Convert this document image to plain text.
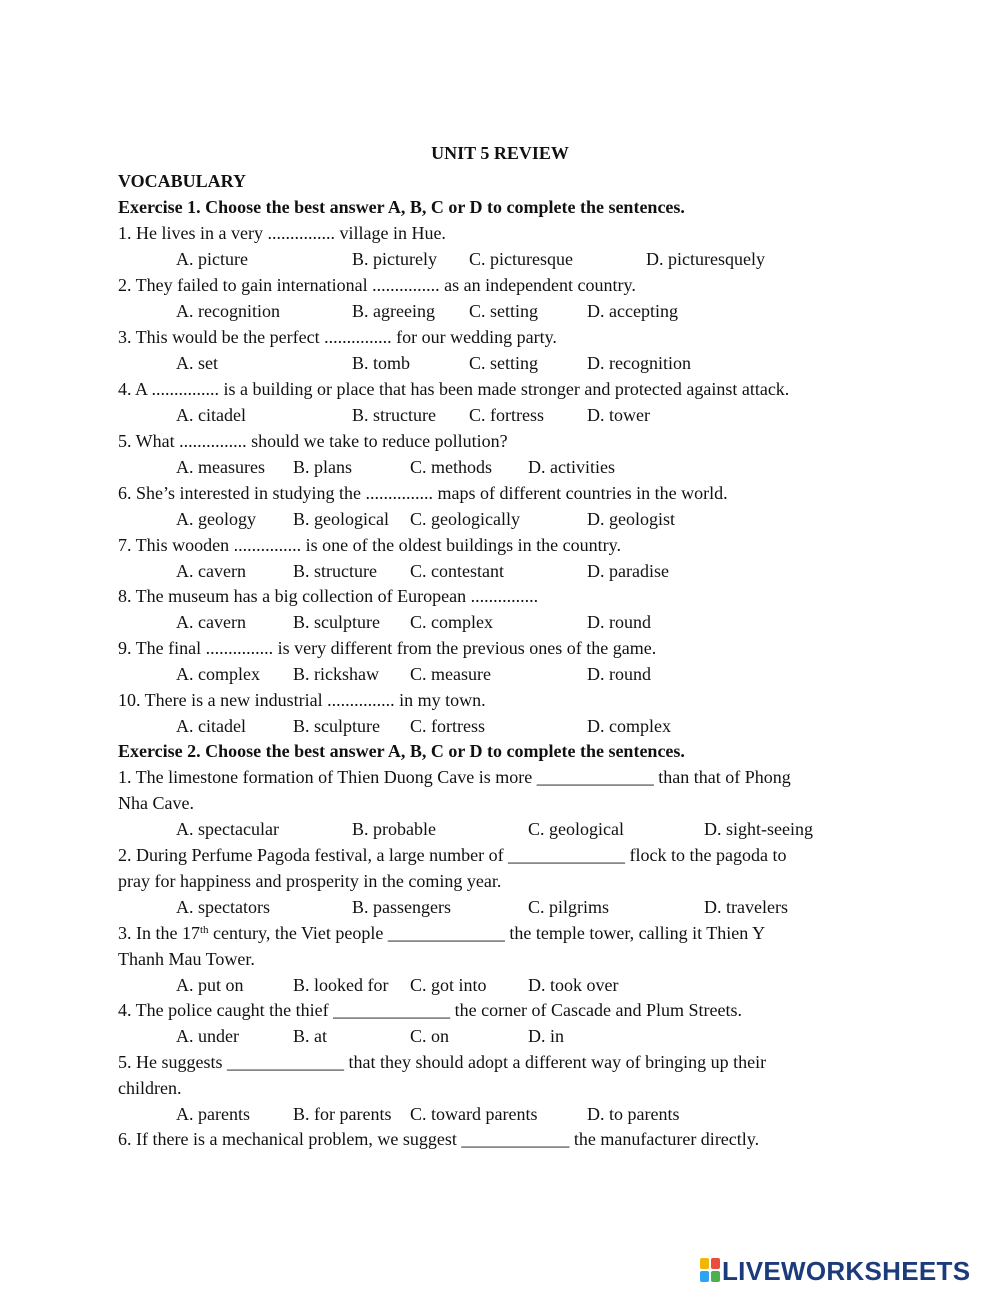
UNIT 5 REVIEW
VOCABULARY
Exercise 1. Choose the best answer A, B, C or D to complete the sentences.
1. He lives in a very ............... village in Hue.
A. picture	B. picturely C. picturesque	D. picturesquely
2. They failed to gain international ............... as an independent country.
A. recognition	B. agreeing C. setting	D. accepting
3. This would be the perfect ............... for our wedding party.
A. set	B. tomb	C. setting	D. recognition
4. A ............... is a building or place that has been made stronger and protected against attack.
A. citadel	B. structure C. fortress D. tower
5. What ............... should we take to reduce pollution?
A. measures B. plans	C. methods D. activities
6. She’s interested in studying the ............... maps of different countries in the world.
A. geology B. geological C. geologically	D. geologist
7. This wooden ............... is one of the oldest buildings in the country.
A. cavern	B. structure C. contestant	D. paradise
8. The museum has a big collection of European ...............
A. cavern	B. sculpture C. complex	D. round
9. The final ............... is very different from the previous ones of the game.
A. complex B. rickshaw C. measure	D. round
10. There is a new industrial ............... in my town.
A. citadel	B. sculpture C. fortress	D. complex
Exercise 2. Choose the best answer A, B, C or D to complete the sentences.
1. The limestone formation of Thien Duong Cave is more _____________ than that of Phong
Nha Cave.
A. spectacular	B. probable	C. geological	D. sight-seeing
2. During Perfume Pagoda festival, a large number of _____________ flock to the pagoda to
pray for happiness and prosperity in the coming year.
A. spectators	B. passengers	C. pilgrims	D. travelers
3. In the 17th century, the Viet people _____________ the temple tower, calling it Thien Y
Thanh Mau Tower.
A. put on	B. looked for C. got into D. took over
4. The police caught the thief _____________ the corner of Cascade and Plum Streets.
A. under	B. at	C. on	D. in
5. He suggests _____________ that they should adopt a different way of bringing up their
children.
A. parents B. for parents C. toward parents	D. to parents
6. If there is a mechanical problem, we suggest ____________ the manufacturer directly.
LIVEWORKSHEETS
